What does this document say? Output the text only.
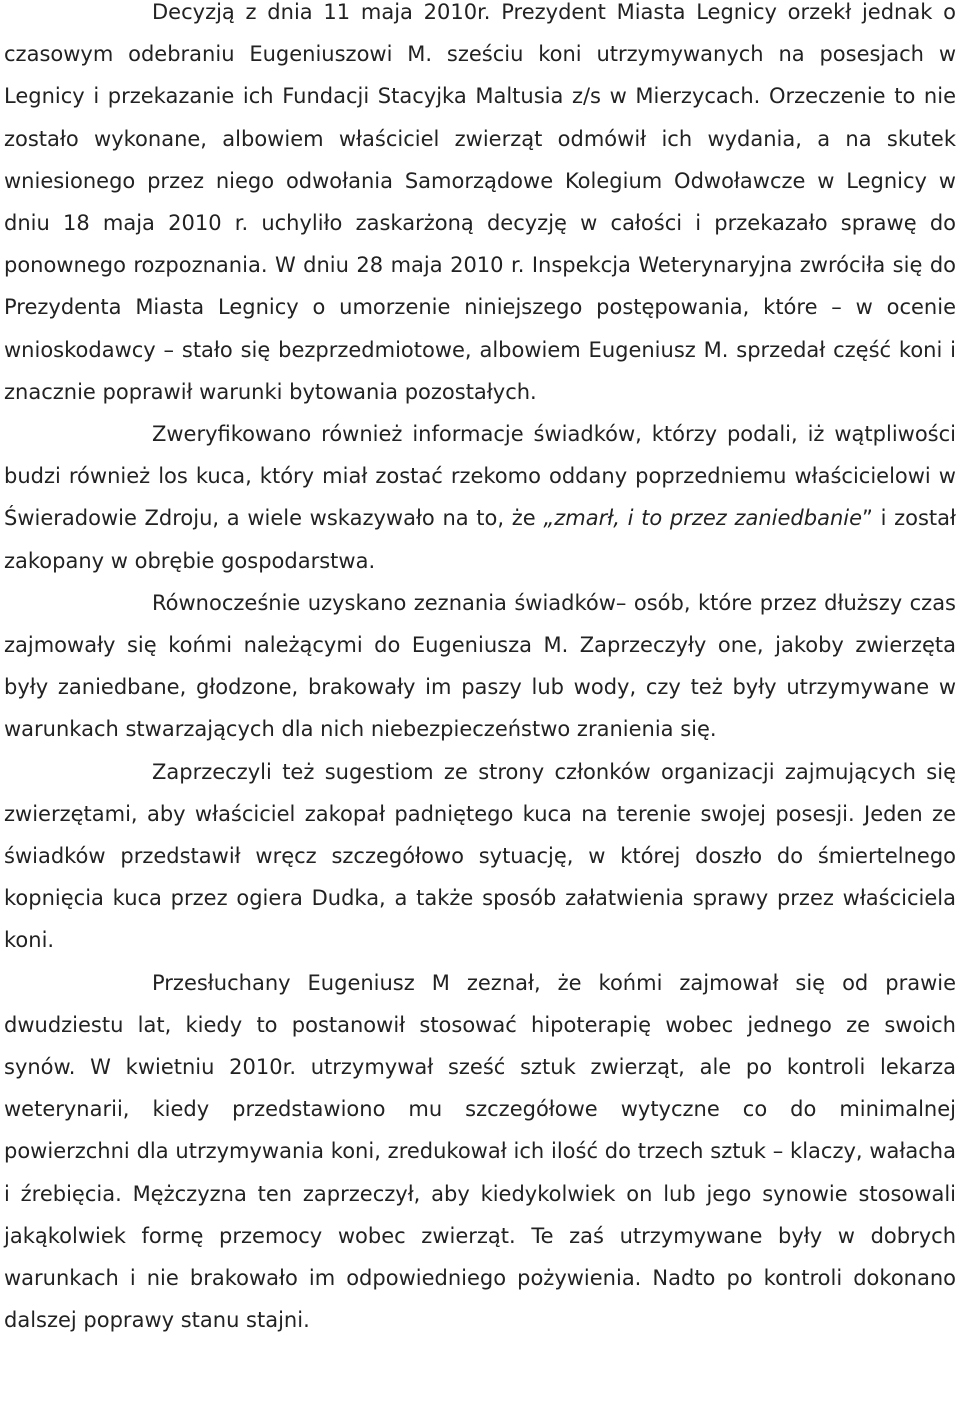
Decyzją z dnia 11 maja 2010r. Prezydent Miasta Legnicy orzekł jednak o czasowym odebraniu Eugeniuszowi M. sześciu koni utrzymywanych na posesjach w Legnicy i przekazanie ich Fundacji Stacyjka Maltusia z/s w Mierzycach. Orzeczenie to nie zostało wykonane, albowiem właściciel zwierząt odmówił ich wydania, a na skutek wniesionego przez niego odwołania Samorządowe Kolegium Odwoławcze w Legnicy w dniu 18 maja 2010 r. uchyliło zaskarżoną decyzję w całości i przekazało sprawę do ponownego rozpoznania. W dniu 28 maja 2010 r. Inspekcja Weterynaryjna zwróciła się do Prezydenta Miasta Legnicy o umorzenie niniejszego postępowania, które – w ocenie wnioskodawcy – stało się bezprzedmiotowe, albowiem Eugeniusz M. sprzedał część koni i znacznie poprawił warunki bytowania pozostałych.

Zweryfikowano również informacje świadków, którzy podali, iż wątpliwości budzi również los kuca, który miał zostać rzekomo oddany poprzedniemu właścicielowi w Świeradowie Zdroju, a wiele wskazywało na to, że „zmarł, i to przez zaniedbanie” i został zakopany w obrębie gospodarstwa.

Równocześnie uzyskano zeznania świadków– osób, które przez dłuższy czas zajmowały się końmi należącymi do Eugeniusza M. Zaprzeczyły one, jakoby zwierzęta były zaniedbane, głodzone, brakowały im paszy lub wody, czy też były utrzymywane w warunkach stwarzających dla nich niebezpieczeństwo zranienia się.

Zaprzeczyli też sugestiom ze strony członków organizacji zajmujących się zwierzętami, aby właściciel zakopał padniętego kuca na terenie swojej posesji. Jeden ze świadków przedstawił wręcz szczegółowo sytuację, w której doszło do śmiertelnego kopnięcia kuca przez ogiera Dudka, a także sposób załatwienia sprawy przez właściciela koni.

Przesłuchany Eugeniusz M zeznał, że końmi zajmował się od prawie dwudziestu lat, kiedy to postanowił stosować hipoterapię wobec jednego ze swoich synów. W kwietniu 2010r. utrzymywał sześć sztuk zwierząt, ale po kontroli lekarza weterynarii, kiedy przedstawiono mu szczegółowe wytyczne co do minimalnej powierzchni dla utrzymywania koni, zredukował ich ilość do trzech sztuk – klaczy, wałacha i źrebięcia. Mężczyzna ten zaprzeczył, aby kiedykolwiek on lub jego synowie stosowali jakąkolwiek formę przemocy wobec zwierząt. Te zaś utrzymywane były w dobrych warunkach i nie brakowało im odpowiedniego pożywienia. Nadto po kontroli dokonano dalszej poprawy stanu stajni.
